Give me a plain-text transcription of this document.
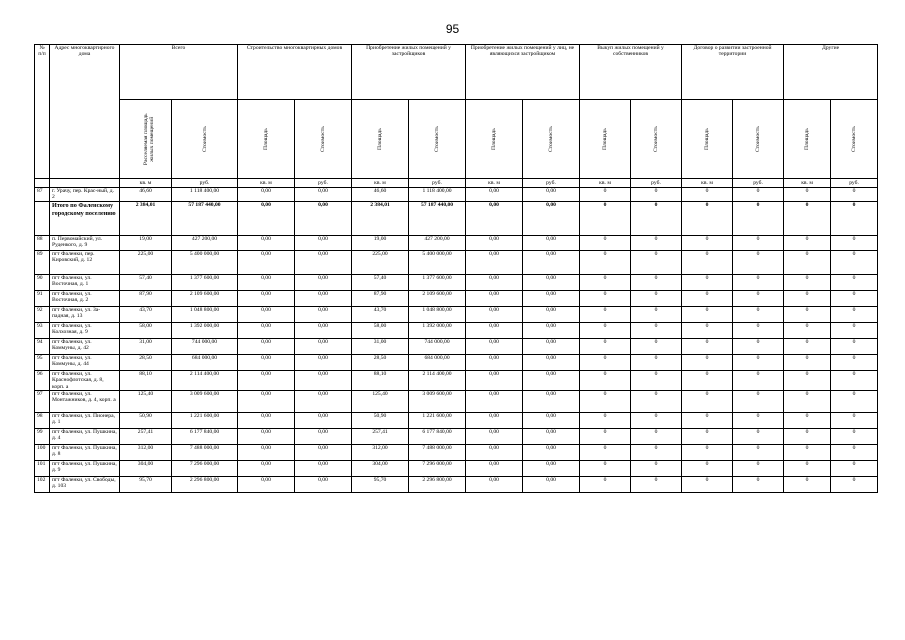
95
№ п/п	Адрес многоквартирного дома	Всего		Строительство многоквартирных домов		Приобретение жилых помещений у застройщиков		Приобретение жилых помещений у лиц, не являющихся застройщиком		Выкуп жилых помещений у собственников		Договор о развитии застроенной территории		Другие	
		Расселяемая площадь жилых помещений	Стоимость	Площадь	Стоимость	Площадь	Стоимость	Площадь	Стоимость	Площадь	Стоимость	Площадь	Стоимость	Площадь	Стоимость
		кв. м	руб.	кв. м	руб.	кв. м	руб.	кв. м	руб.	кв. м	руб.	кв. м	руб.	кв. м	руб.
87	г. Урачу, пер. Крас-ный, д. 2	46,60	1 118 400,00	0,00	0,00	46,60	1 118 400,00	0,00	0,00	0	0	0	0	0	0
	Итого по Фаленскому городскому поселению	2 384,01	57 187 440,00	0,00	0,00	2 384,01	57 187 440,00	0,00	0,00	0	0	0	0	0	0
88	п. Первомайский, ул. Руденкого, д. 9	19,00	427 200,00	0,00	0,00	19,00	427 200,00	0,00	0,00	0	0	0	0	0	0
89	пгт Фаленки, пер. Кировский, д. 12	225,00	5 400 000,00	0,00	0,00	225,00	5 400 000,00	0,00	0,00	0	0	0	0	0	0
90	пгт Фаленки, ул. Восточная, д. 1	57,40	1 377 600,00	0,00	0,00	57,40	1 377 600,00	0,00	0,00	0	0	0	0	0	0
91	пгт Фаленки, ул. Восточная, д. 2	87,90	2 109 600,00	0,00	0,00	87,90	2 109 600,00	0,00	0,00	0	0	0	0	0	0
92	пгт Фаленки, ул. За-падная, д. 13	43,70	1 048 800,00	0,00	0,00	43,70	1 048 800,00	0,00	0,00	0	0	0	0	0	0
93	пгт Фаленки, ул. Колхозная, д. 9	58,00	1 392 000,00	0,00	0,00	58,00	1 392 000,00	0,00	0,00	0	0	0	0	0	0
94	пгт Фаленки, ул. Коммуны, д. 42	31,00	744 000,00	0,00	0,00	31,00	744 000,00	0,00	0,00	0	0	0	0	0	0
95	пгт Фаленки, ул. Коммуны, д. 44	28,50	684 000,00	0,00	0,00	28,50	684 000,00	0,00	0,00	0	0	0	0	0	0
96	пгт Фаленки, ул. Краснофлотская, д. 8, корп. а	88,10	2 114 400,00	0,00	0,00	88,10	2 114 400,00	0,00	0,00	0	0	0	0	0	0
97	пгт Фаленки, ул. Монтажников, д. 4, корп. а	125,40	3 009 600,00	0,00	0,00	125,40	3 009 600,00	0,00	0,00	0	0	0	0	0	0
98	пгт Фаленки, ул. Пионера, д. 1	50,90	1 221 600,00	0,00	0,00	50,90	1 221 600,00	0,00	0,00	0	0	0	0	0	0
99	пгт Фаленки, ул. Пушкина, д. 4	257,41	6 177 840,00	0,00	0,00	257,41	6 177 840,00	0,00	0,00	0	0	0	0	0	0
100	пгт Фаленки, ул. Пушкина, д. 8	312,00	7 488 000,00	0,00	0,00	312,00	7 488 000,00	0,00	0,00	0	0	0	0	0	0
101	пгт Фаленки, ул. Пушкина, д. 9	304,00	7 296 000,00	0,00	0,00	304,00	7 296 000,00	0,00	0,00	0	0	0	0	0	0
102	пгт Фаленки, ул. Свободы, д. 103	95,70	2 296 800,00	0,00	0,00	95,70	2 296 800,00	0,00	0,00	0	0	0	0	0	0
